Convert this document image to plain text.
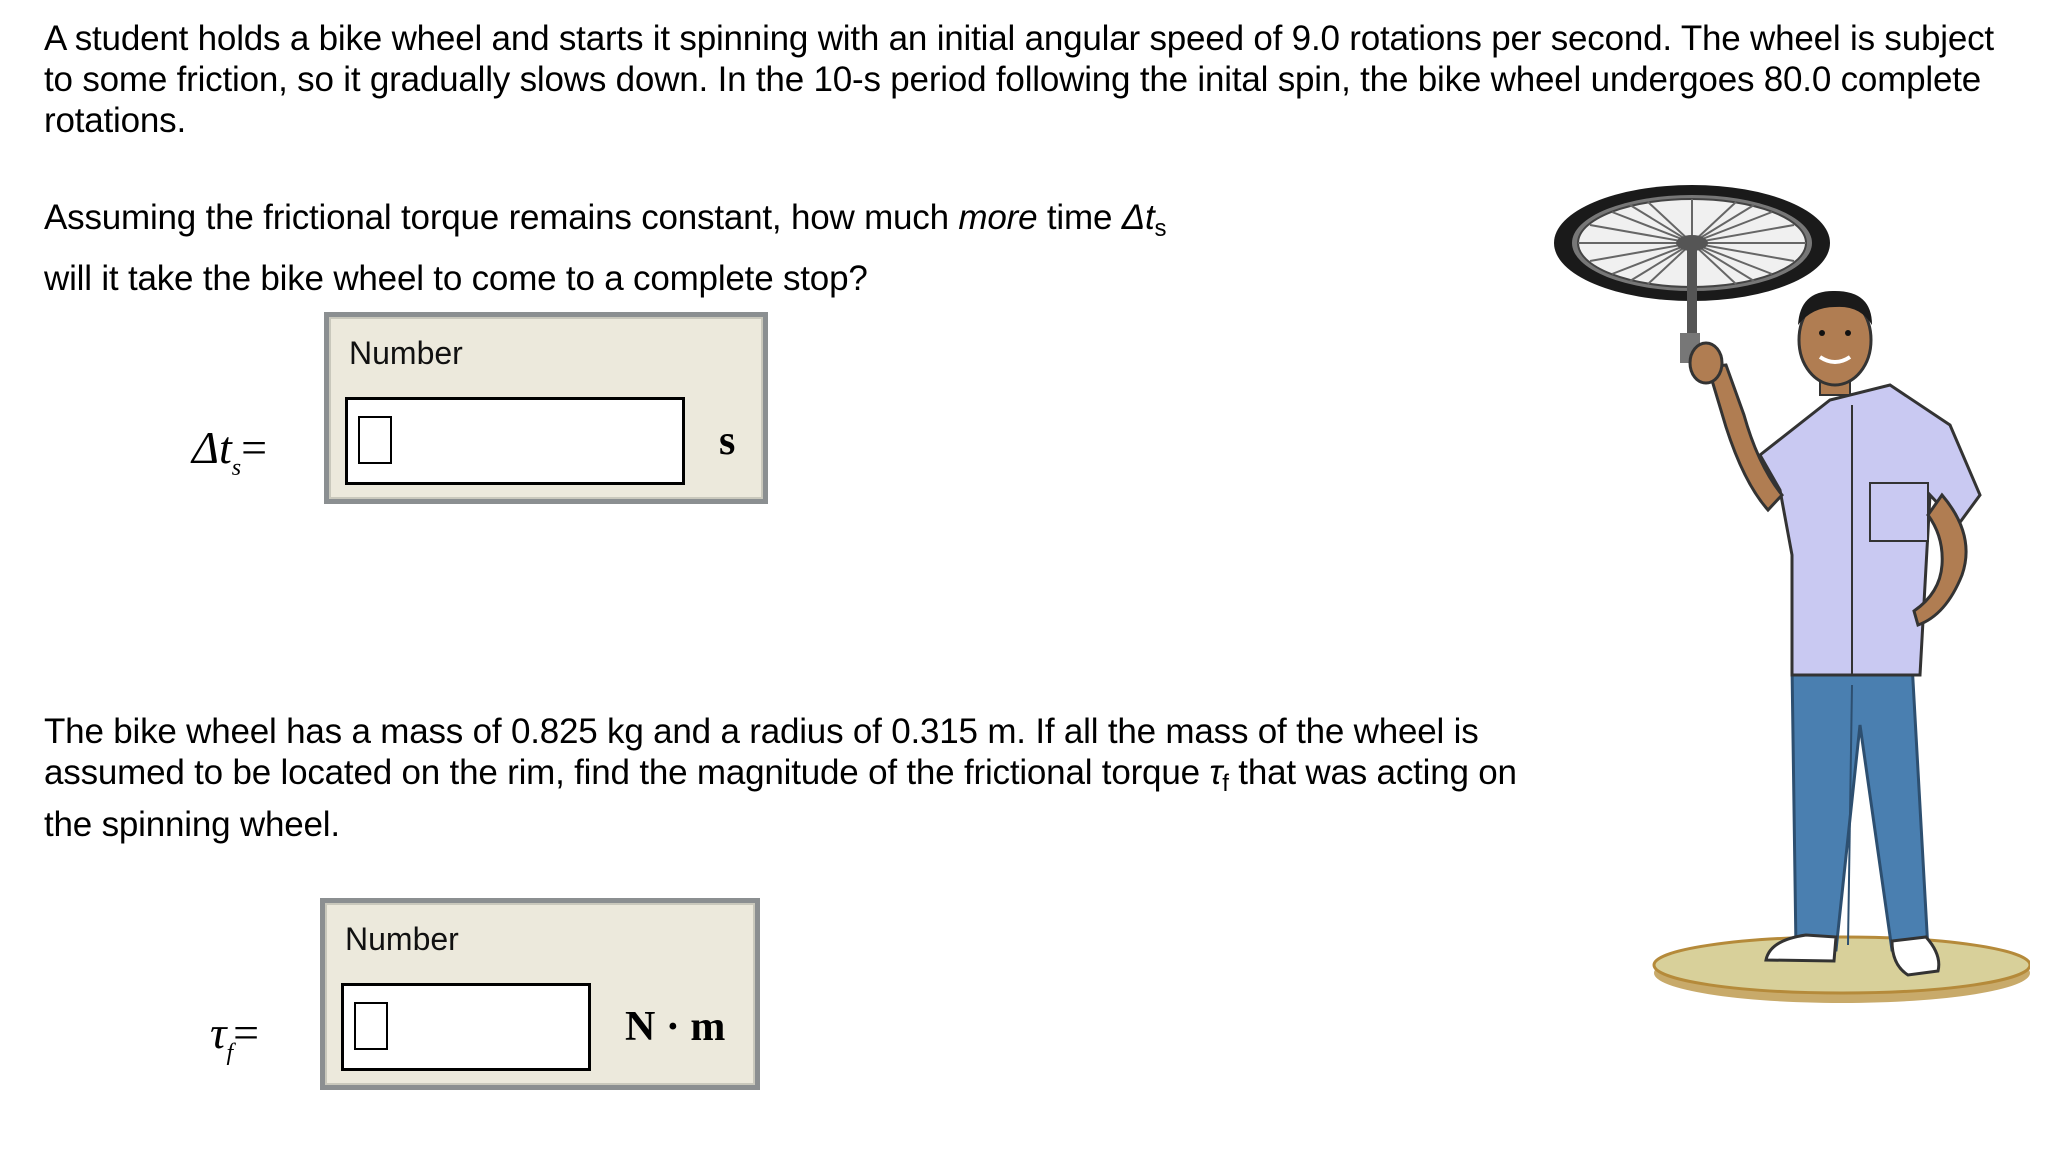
A student holds a bike wheel and starts it spinning with an initial angular speed of 9.0 rotations per second. The wheel is subject to some friction, so it gradually slows down. In the 10-s period following the inital spin, the bike wheel undergoes 80.0 complete rotations.

Assuming the frictional torque remains constant, how much more time $\Delta t_s$
will it take the bike wheel to come to a complete stop?

The bike wheel has a mass of 0.825 kg and a radius of 0.315 m. If all the mass of the wheel is assumed to be located on the rim, find the magnitude of the frictional torque $\tau_f$ that was acting on the spinning wheel.

$\Delta t_s=$
Number
s
$\tau_f=$
Number
N · m
